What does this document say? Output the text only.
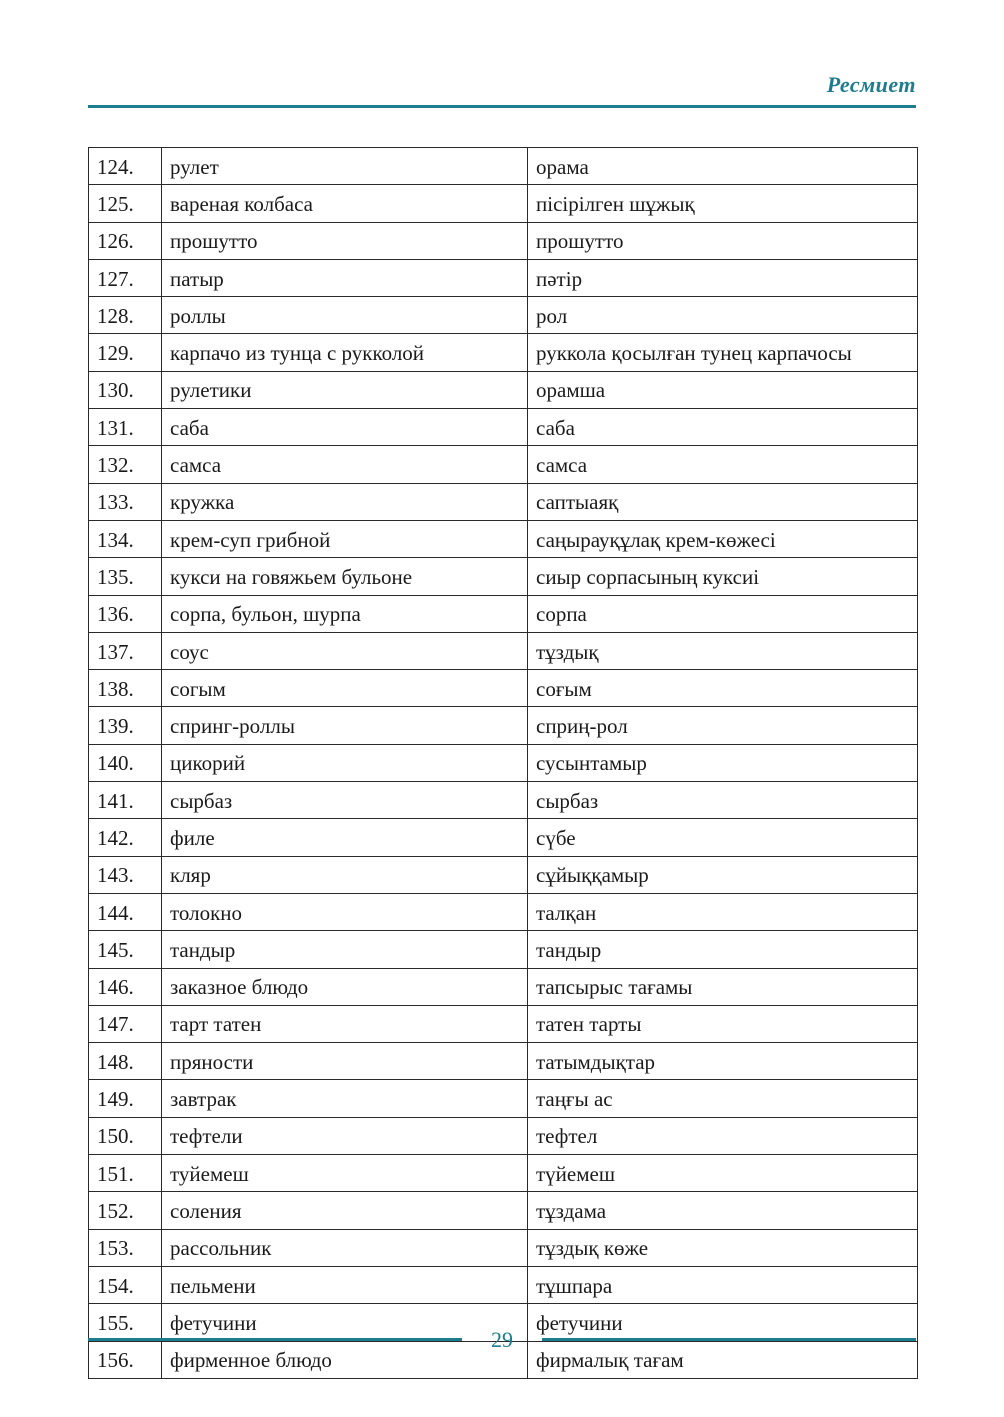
Ресмиет
124.	рулет	орама
125.	вареная колбаса	пісірілген шұжық
126.	прошутто	прошутто
127.	патыр	пәтір
128.	роллы	рол
129.	карпачо из тунца с рукколой	руккола қосылған тунец карпачосы
130.	рулетики	орамша
131.	саба	саба
132.	самса	самса
133.	кружка	саптыаяқ
134.	крем-суп грибной	саңырауқұлақ крем-көжесі
135.	кукси на говяжьем бульоне	сиыр сорпасының куксиі
136.	сорпа, бульон, шурпа	сорпа
137.	соус	тұздық
138.	согым	соғым
139.	спринг-роллы	сприң-рол
140.	цикорий	сусынтамыр
141.	сырбаз	сырбаз
142.	филе	сүбе
143.	кляр	сұйыққамыр
144.	толокно	талқан
145.	тандыр	тандыр
146.	заказное блюдо	тапсырыс тағамы
147.	тарт татен	татен тарты
148.	пряности	татымдықтар
149.	завтрак	таңғы ас
150.	тефтели	тефтел
151.	туйемеш	түйемеш
152.	соления	тұздама
153.	рассольник	тұздық көже
154.	пельмени	тұшпара
155.	фетучини	фетучини
156.	фирменное блюдо	фирмалық тағам
29
